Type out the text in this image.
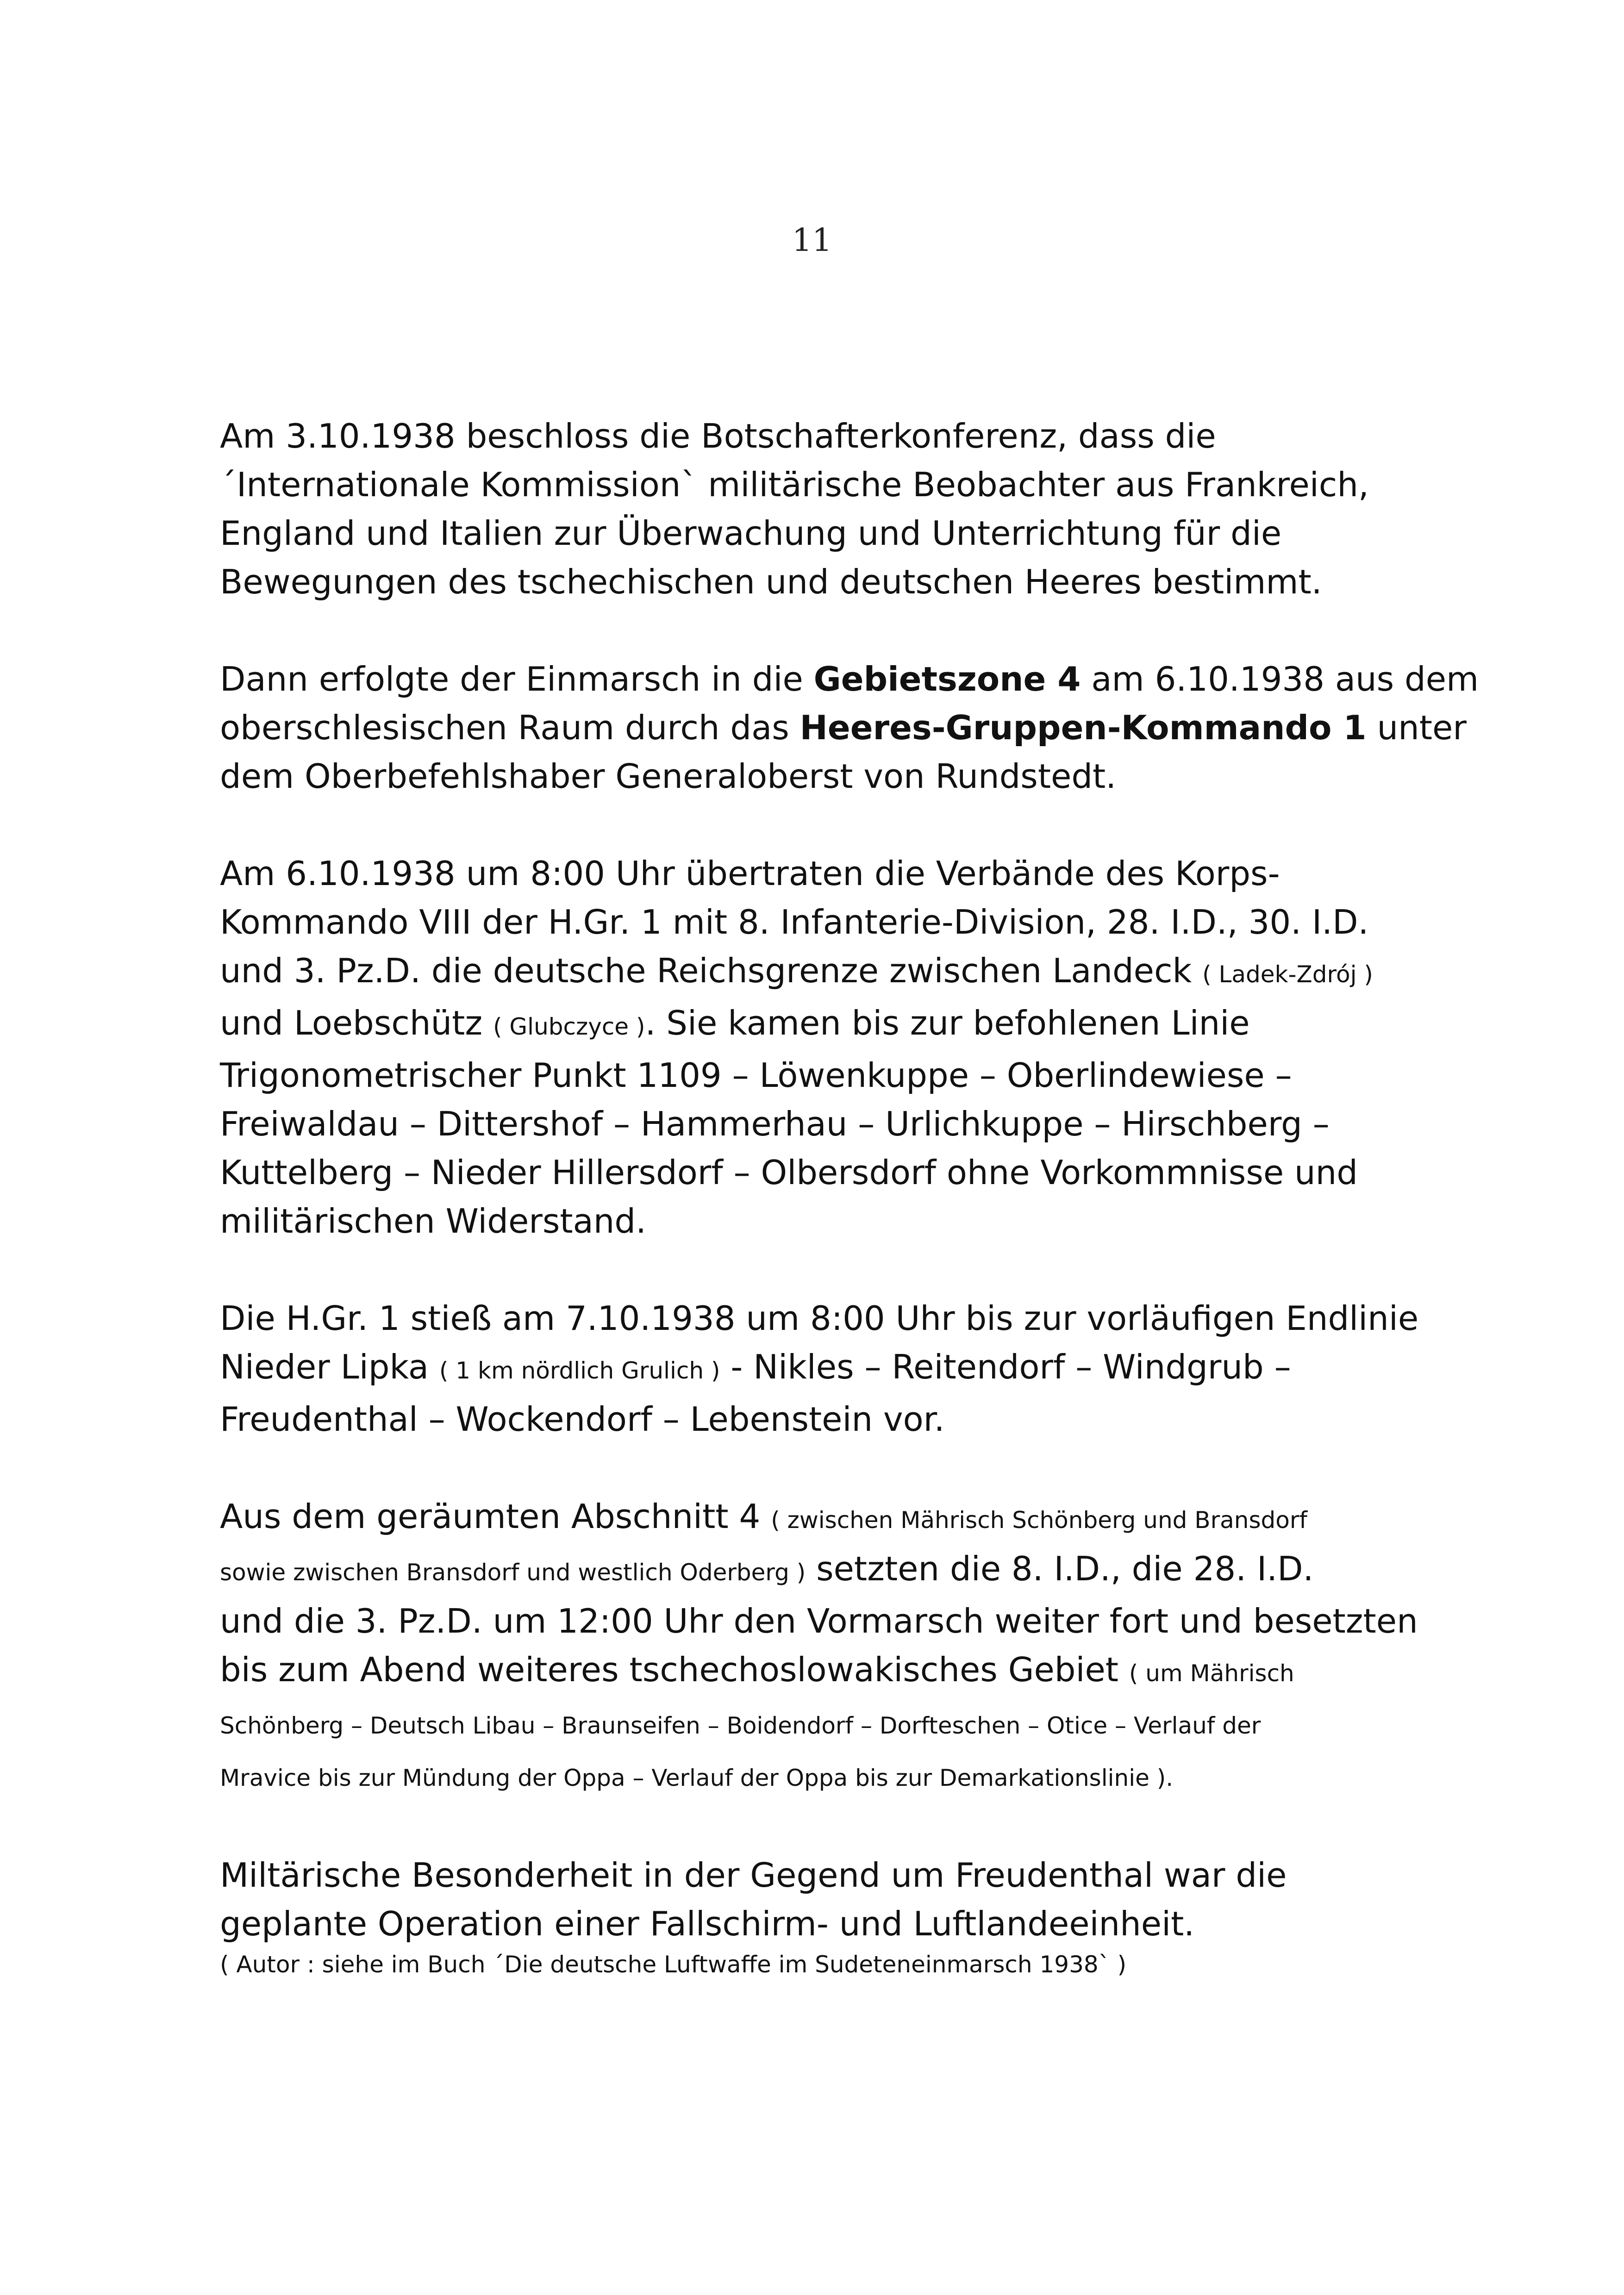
11
Am 3.10.1938 beschloss die Botschafterkonferenz, dass die
´Internationale Kommission` militärische Beobachter aus Frankreich,
England und Italien zur Überwachung und Unterrichtung für die
Bewegungen des tschechischen und deutschen Heeres bestimmt.
Dann erfolgte der Einmarsch in die Gebietszone 4 am 6.10.1938 aus dem
oberschlesischen Raum durch das Heeres-Gruppen-Kommando 1 unter
dem Oberbefehlshaber Generaloberst von Rundstedt.
Am 6.10.1938 um 8:00 Uhr übertraten die Verbände des Korps-
Kommando VIII der H.Gr. 1 mit 8. Infanterie-Division, 28. I.D., 30. I.D.
und 3. Pz.D. die deutsche Reichsgrenze zwischen Landeck ( Ladek-Zdrój )
und Loebschütz ( Glubczyce ). Sie kamen bis zur befohlenen Linie
Trigonometrischer Punkt 1109 – Löwenkuppe – Oberlindewiese –
Freiwaldau – Dittershof – Hammerhau – Urlichkuppe – Hirschberg –
Kuttelberg – Nieder Hillersdorf – Olbersdorf ohne Vorkommnisse und
militärischen Widerstand.
Die H.Gr. 1 stieß am 7.10.1938 um 8:00 Uhr bis zur vorläufigen Endlinie
Nieder Lipka ( 1 km nördlich Grulich ) - Nikles – Reitendorf – Windgrub –
Freudenthal – Wockendorf – Lebenstein vor.
Aus dem geräumten Abschnitt 4 ( zwischen Mährisch Schönberg und Bransdorf
sowie zwischen Bransdorf und westlich Oderberg ) setzten die 8. I.D., die 28. I.D.
und die 3. Pz.D. um 12:00 Uhr den Vormarsch weiter fort und besetzten
bis zum Abend weiteres tschechoslowakisches Gebiet ( um Mährisch
Schönberg – Deutsch Libau – Braunseifen – Boidendorf – Dorfteschen – Otice – Verlauf der
Mravice bis zur Mündung der Oppa – Verlauf der Oppa bis zur Demarkationslinie ).
Miltärische Besonderheit in der Gegend um Freudenthal war die
geplante Operation einer Fallschirm- und Luftlandeeinheit.
( Autor : siehe im Buch ´Die deutsche Luftwaffe im Sudeteneinmarsch 1938` )
